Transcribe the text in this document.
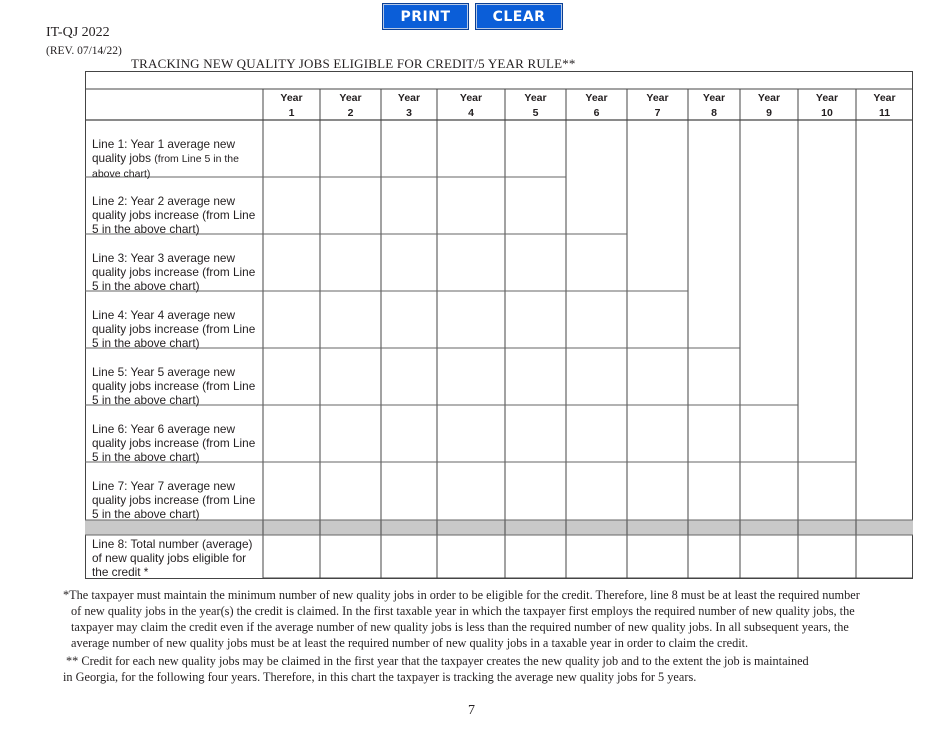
PRINT	CLEAR
IT-QJ 2022
(REV. 07/14/22)
TRACKING NEW QUALITY JOBS ELIGIBLE FOR CREDIT/5 YEAR RULE**
Year
1
Year
2
Year
3
Year
4
Year
5
Year
6
Year
7
Year
8
Year
9
Year
10
Year
11
Line 1: Year 1 average new quality jobs (from Line 5 in the above chart)
Line 2: Year 2 average new quality jobs increase (from Line 5 in the above chart)
Line 3: Year 3 average new quality jobs increase (from Line 5 in the above chart)
Line 4: Year 4 average new quality jobs increase (from Line 5 in the above chart)
Line 5: Year 5 average new quality jobs increase (from Line 5 in the above chart)
Line 6: Year 6 average new quality jobs increase (from Line 5 in the above chart)
Line 7: Year 7 average new quality jobs increase (from Line 5 in the above chart)
Line 8: Total number (average) of new quality jobs eligible for the credit *
*The taxpayer must maintain the minimum number of new quality jobs in order to be eligible for the credit. Therefore, line 8 must be at least the required number
of new quality jobs in the year(s) the credit is claimed. In the first taxable year in which the taxpayer first employs the required number of new quality jobs, the
taxpayer may claim the credit even if the average number of new quality jobs is less than the required number of new quality jobs. In all subsequent years, the
average number of new quality jobs must be at least the required number of new quality jobs in a taxable year in order to claim the credit.
** Credit for each new quality jobs may be claimed in the first year that the taxpayer creates the new quality job and to the extent the job is maintained
in Georgia, for the following four years. Therefore, in this chart the taxpayer is tracking the average new quality jobs for 5 years.
7
